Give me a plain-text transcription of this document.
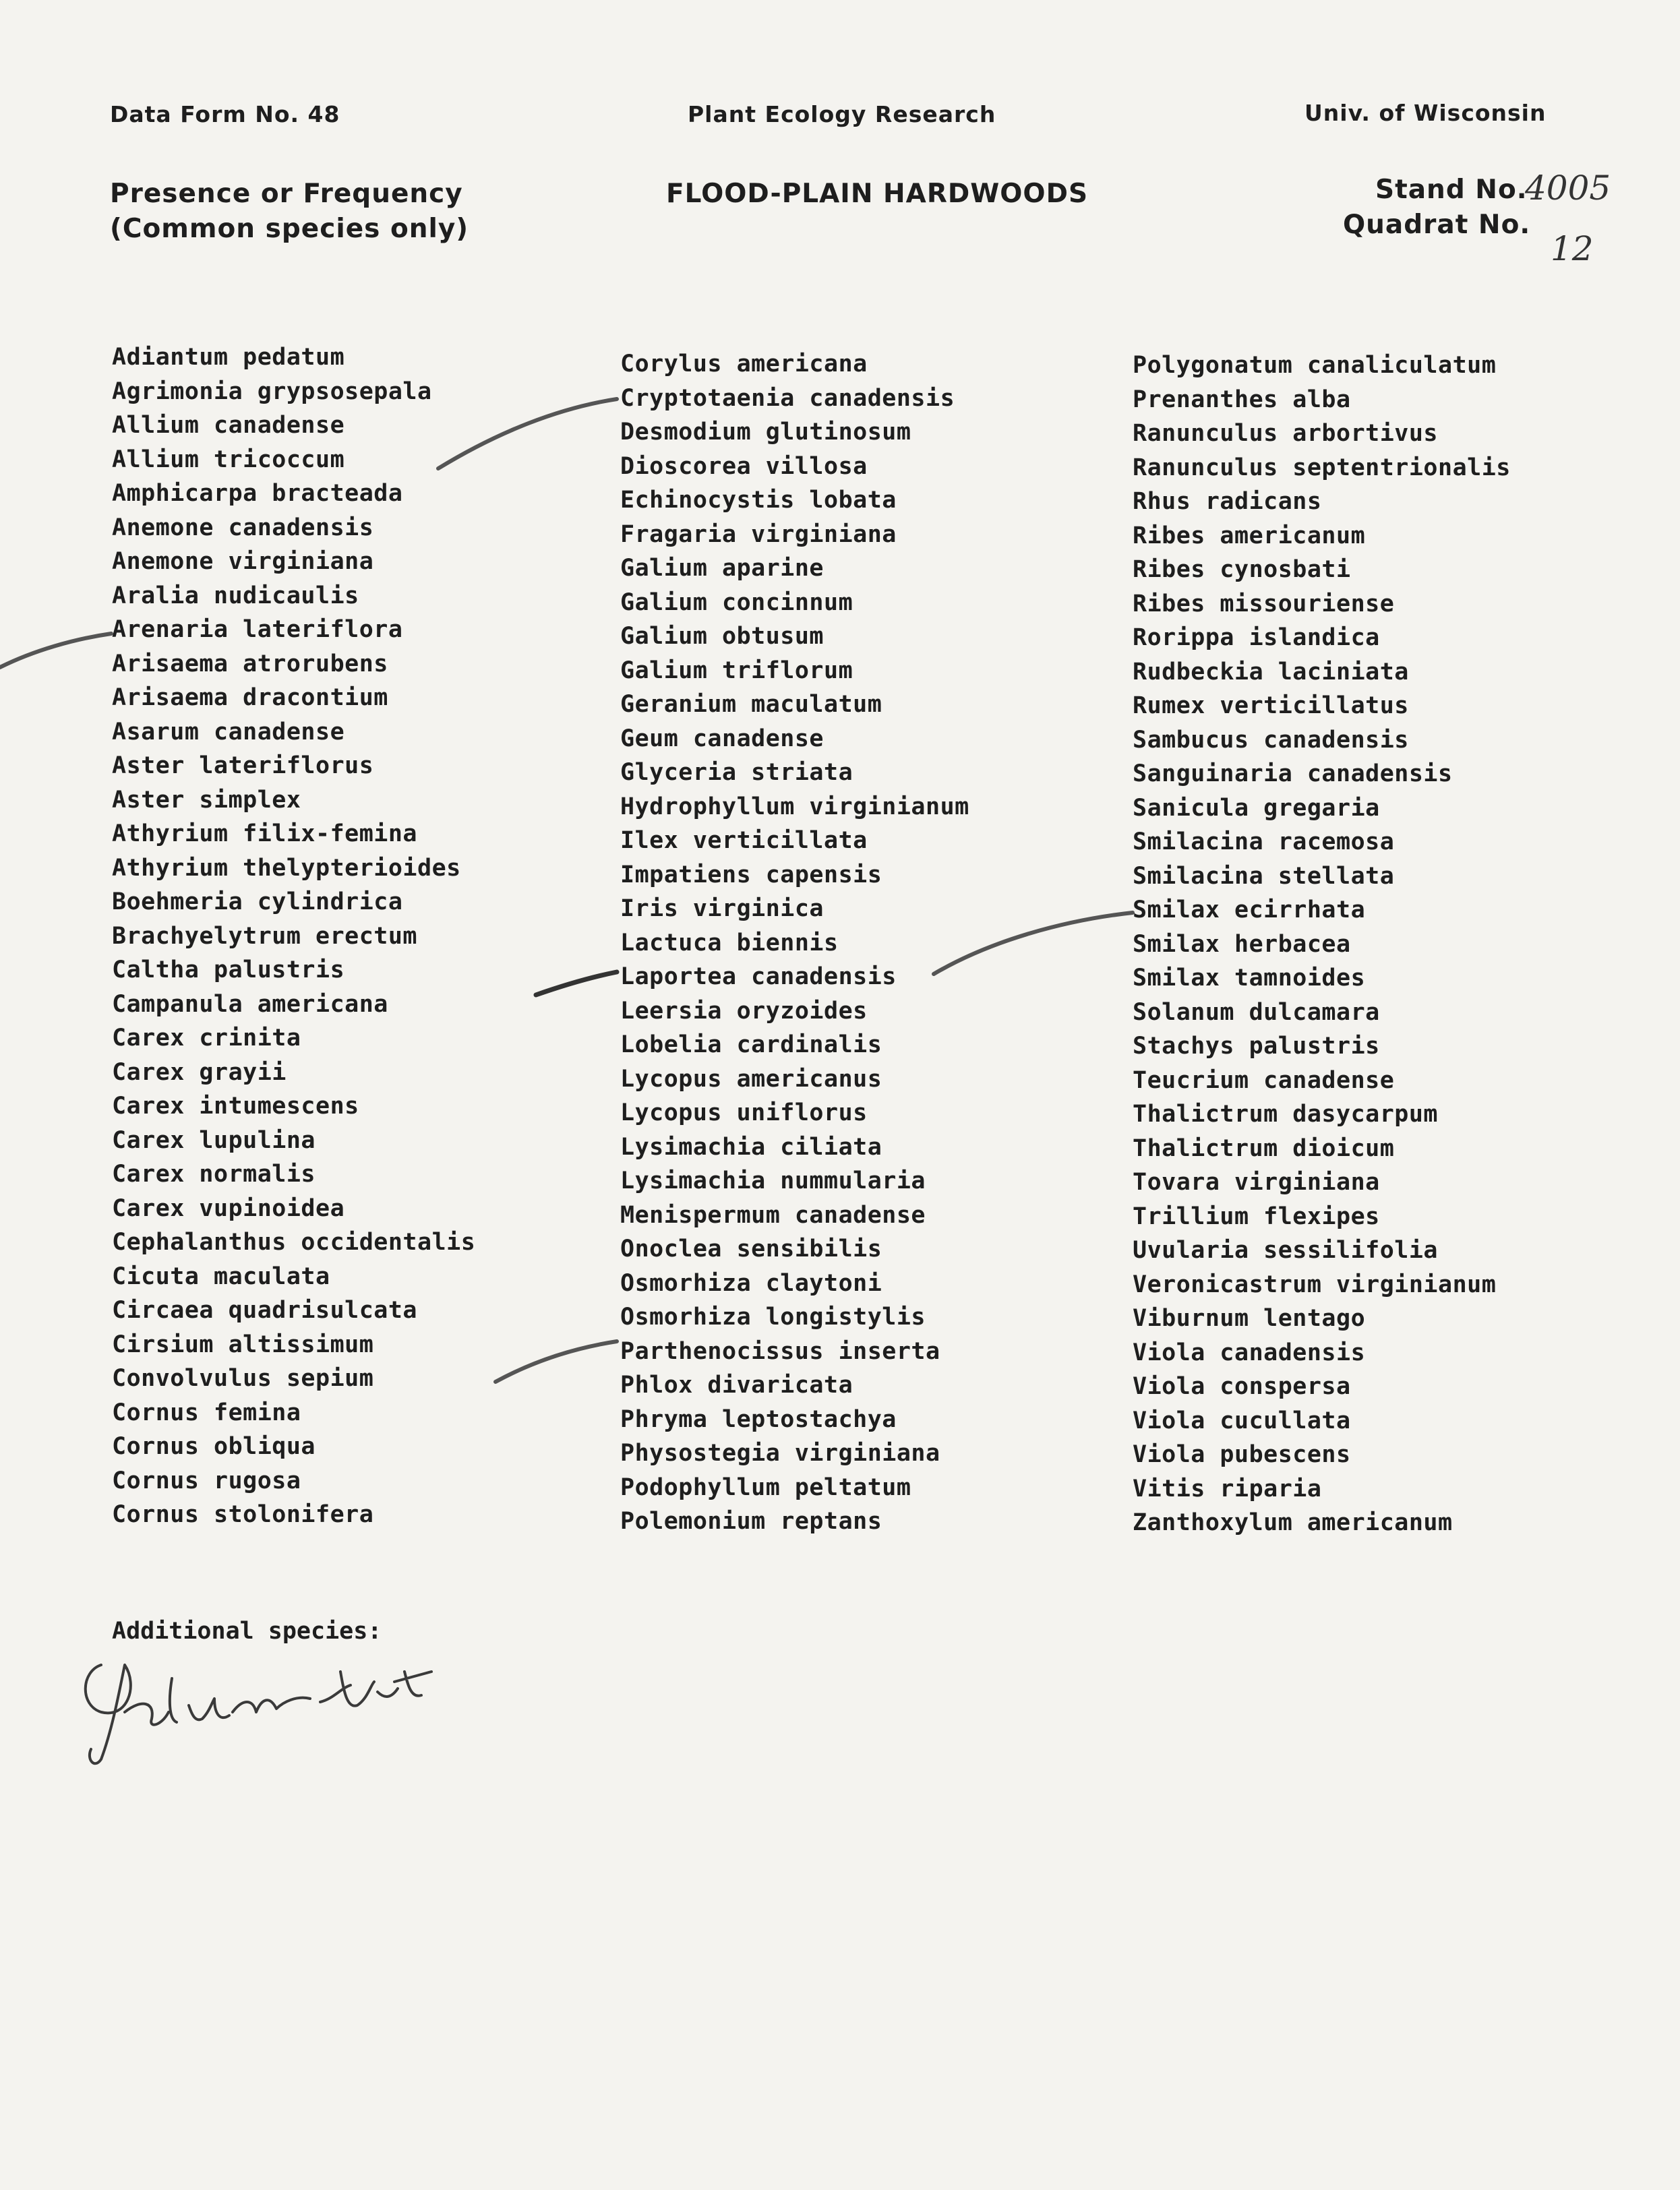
Data Form No. 48	Plant Ecology Research	Univ. of Wisconsin
Presence or Frequency
(Common species only)
FLOOD-PLAIN HARDWOODS	Stand No.
Quadrat No.
4005
12
Adiantum pedatum
Agrimonia grypsosepala
Allium canadense
Allium tricoccum
Amphicarpa bracteada
Anemone canadensis
Anemone virginiana
Aralia nudicaulis
Arenaria lateriflora
Arisaema atrorubens
Arisaema dracontium
Asarum canadense
Aster lateriflorus
Aster simplex
Athyrium filix-femina
Athyrium thelypterioides
Boehmeria cylindrica
Brachyelytrum erectum
Caltha palustris
Campanula americana
Carex crinita
Carex grayii
Carex intumescens
Carex lupulina
Carex normalis
Carex vupinoidea
Cephalanthus occidentalis
Cicuta maculata
Circaea quadrisulcata
Cirsium altissimum
Convolvulus sepium
Cornus femina
Cornus obliqua
Cornus rugosa
Cornus stolonifera
Corylus americana
Cryptotaenia canadensis
Desmodium glutinosum
Dioscorea villosa
Echinocystis lobata
Fragaria virginiana
Galium aparine
Galium concinnum
Galium obtusum
Galium triflorum
Geranium maculatum
Geum canadense
Glyceria striata
Hydrophyllum virginianum
Ilex verticillata
Impatiens capensis
Iris virginica
Lactuca biennis
Laportea canadensis
Leersia oryzoides
Lobelia cardinalis
Lycopus americanus
Lycopus uniflorus
Lysimachia ciliata
Lysimachia nummularia
Menispermum canadense
Onoclea sensibilis
Osmorhiza claytoni
Osmorhiza longistylis
Parthenocissus inserta
Phlox divaricata
Phryma leptostachya
Physostegia virginiana
Podophyllum peltatum
Polemonium reptans
Polygonatum canaliculatum
Prenanthes alba
Ranunculus arbortivus
Ranunculus septentrionalis
Rhus radicans
Ribes americanum
Ribes cynosbati
Ribes missouriense
Rorippa islandica
Rudbeckia laciniata
Rumex verticillatus
Sambucus canadensis
Sanguinaria canadensis
Sanicula gregaria
Smilacina racemosa
Smilacina stellata
Smilax ecirrhata
Smilax herbacea
Smilax tamnoides
Solanum dulcamara
Stachys palustris
Teucrium canadense
Thalictrum dasycarpum
Thalictrum dioicum
Tovara virginiana
Trillium flexipes
Uvularia sessilifolia
Veronicastrum virginianum
Viburnum lentago
Viola canadensis
Viola conspersa
Viola cucullata
Viola pubescens
Vitis riparia
Zanthoxylum americanum
Additional species:
